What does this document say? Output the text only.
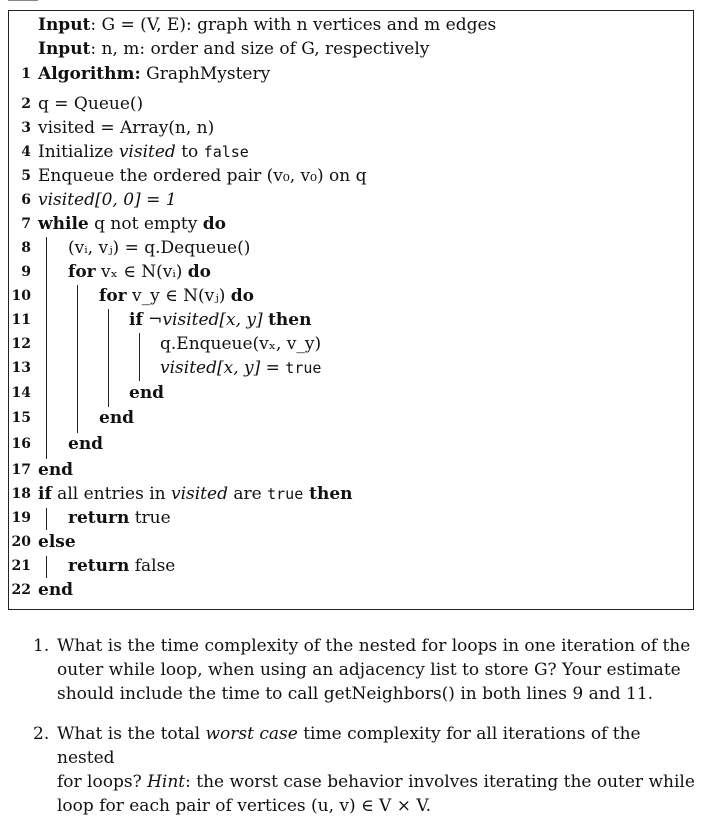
Input: G = (V, E): graph with n vertices and m edges
Input: n, m: order and size of G, respectively
1 Algorithm: GraphMystery
2 q = Queue()
3 visited = Array(n, n)
4 Initialize visited to false
5 Enqueue the ordered pair (v₀, v₀) on q
6 visited[0, 0] = 1
7 while q not empty do
8 (vᵢ, vⱼ) = q.Dequeue()
9 for vₓ ∈ N(vᵢ) do
10	for v_y ∈ N(vⱼ) do
11	if ¬visited[x, y] then
12	q.Enqueue(vₓ, v_y)
13	visited[x, y] = true
14	end
15	end
16 end
17 end
18 if all entries in visited are true then
19 return true
20 else
21 return false
22 end
1. What is the time complexity of the nested for loops in one iteration of the
outer while loop, when using an adjacency list to store G? Your estimate
should include the time to call getNeighbors() in both lines 9 and 11.
2. What is the total worst case time complexity for all iterations of the nested
for loops? Hint: the worst case behavior involves iterating the outer while
loop for each pair of vertices (u, v) ∈ V × V.
